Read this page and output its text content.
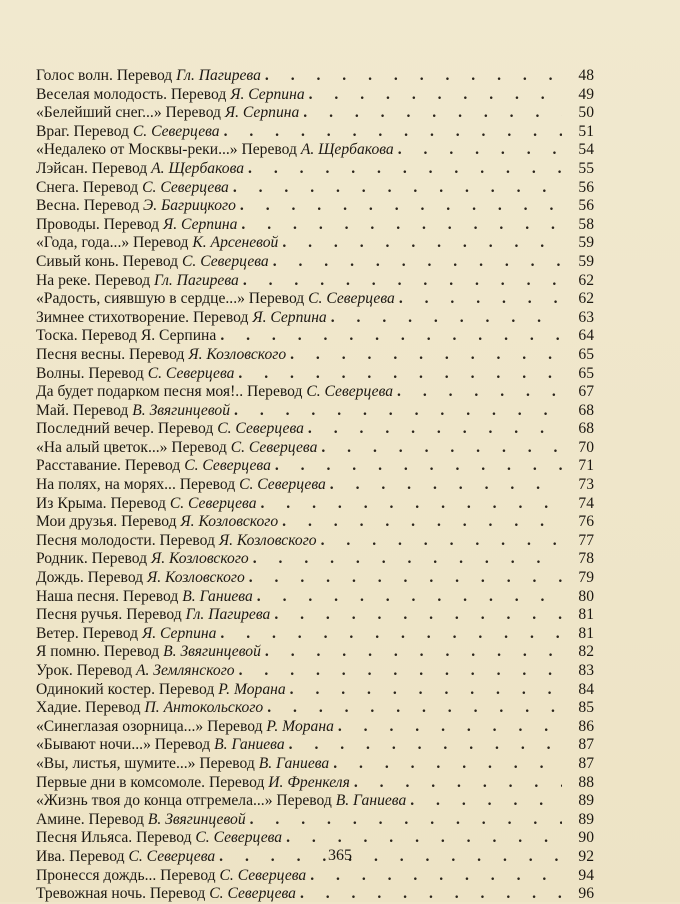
Голос волн. Перевод Гл. Пагирева . . .	48
Веселая молодость. Перевод Я. Серпина . . .	49
«Белейший снег...» Перевод Я. Серпина . . .	50
Враг. Перевод С. Северцева . . .	51
«Недалеко от Москвы-реки...» Перевод А. Щербакова . . .	54
Лэйсан. Перевод А. Щербакова . . .	55
Снега. Перевод С. Северцева . . .	56
Весна. Перевод Э. Багрицкого . . .	56
Проводы. Перевод Я. Серпина . . .	58
«Года, года...» Перевод К. Арсеневой . . .	59
Сивый конь. Перевод С. Северцева . . .	59
На реке. Перевод Гл. Пагирева . . .	62
«Радость, сиявшую в сердце...» Перевод С. Северцева . . .	62
Зимнее стихотворение. Перевод Я. Серпина . . .	63
Тоска. Перевод Я. Серпина . . .	64
Песня весны. Перевод Я. Козловского . . .	65
Волны. Перевод С. Северцева . . .	65
Да будет подарком песня моя!.. Перевод С. Северцева . . .	67
Май. Перевод В. Звягинцевой . . .	68
Последний вечер. Перевод С. Северцева . . .	68
«На алый цветок...» Перевод С. Северцева . . .	70
Расставание. Перевод С. Северцева . . .	71
На полях, на морях... Перевод С. Северцева . . .	73
Из Крыма. Перевод С. Северцева . . .	74
Мои друзья. Перевод Я. Козловского . . .	76
Песня молодости. Перевод Я. Козловского . . .	77
Родник. Перевод Я. Козловского . . .	78
Дождь. Перевод Я. Козловского . . .	79
Наша песня. Перевод В. Ганиева . . .	80
Песня ручья. Перевод Гл. Пагирева . . .	81
Ветер. Перевод Я. Серпина . . .	81
Я помню. Перевод В. Звягинцевой . . .	82
Урок. Перевод А. Землянского . . .	83
Одинокий костер. Перевод Р. Морана . . .	84
Хадие. Перевод П. Антокольского . . .	85
«Синеглазая озорница...» Перевод Р. Морана . . .	86
«Бывают ночи...» Перевод В. Ганиева . . .	87
«Вы, листья, шумите...» Перевод В. Ганиева . . .	87
Первые дни в комсомоле. Перевод И. Френкеля . . .	88
«Жизнь твоя до конца отгремела...» Перевод В. Ганиева . . .	89
Амине. Перевод В. Звягинцевой . . .	89
Песня Ильяса. Перевод С. Северцева . . .	90
Ива. Перевод С. Северцева . . .	92
Пронесся дождь... Перевод С. Северцева . . .	94
Тревожная ночь. Перевод С. Северцева . . .	96
365
